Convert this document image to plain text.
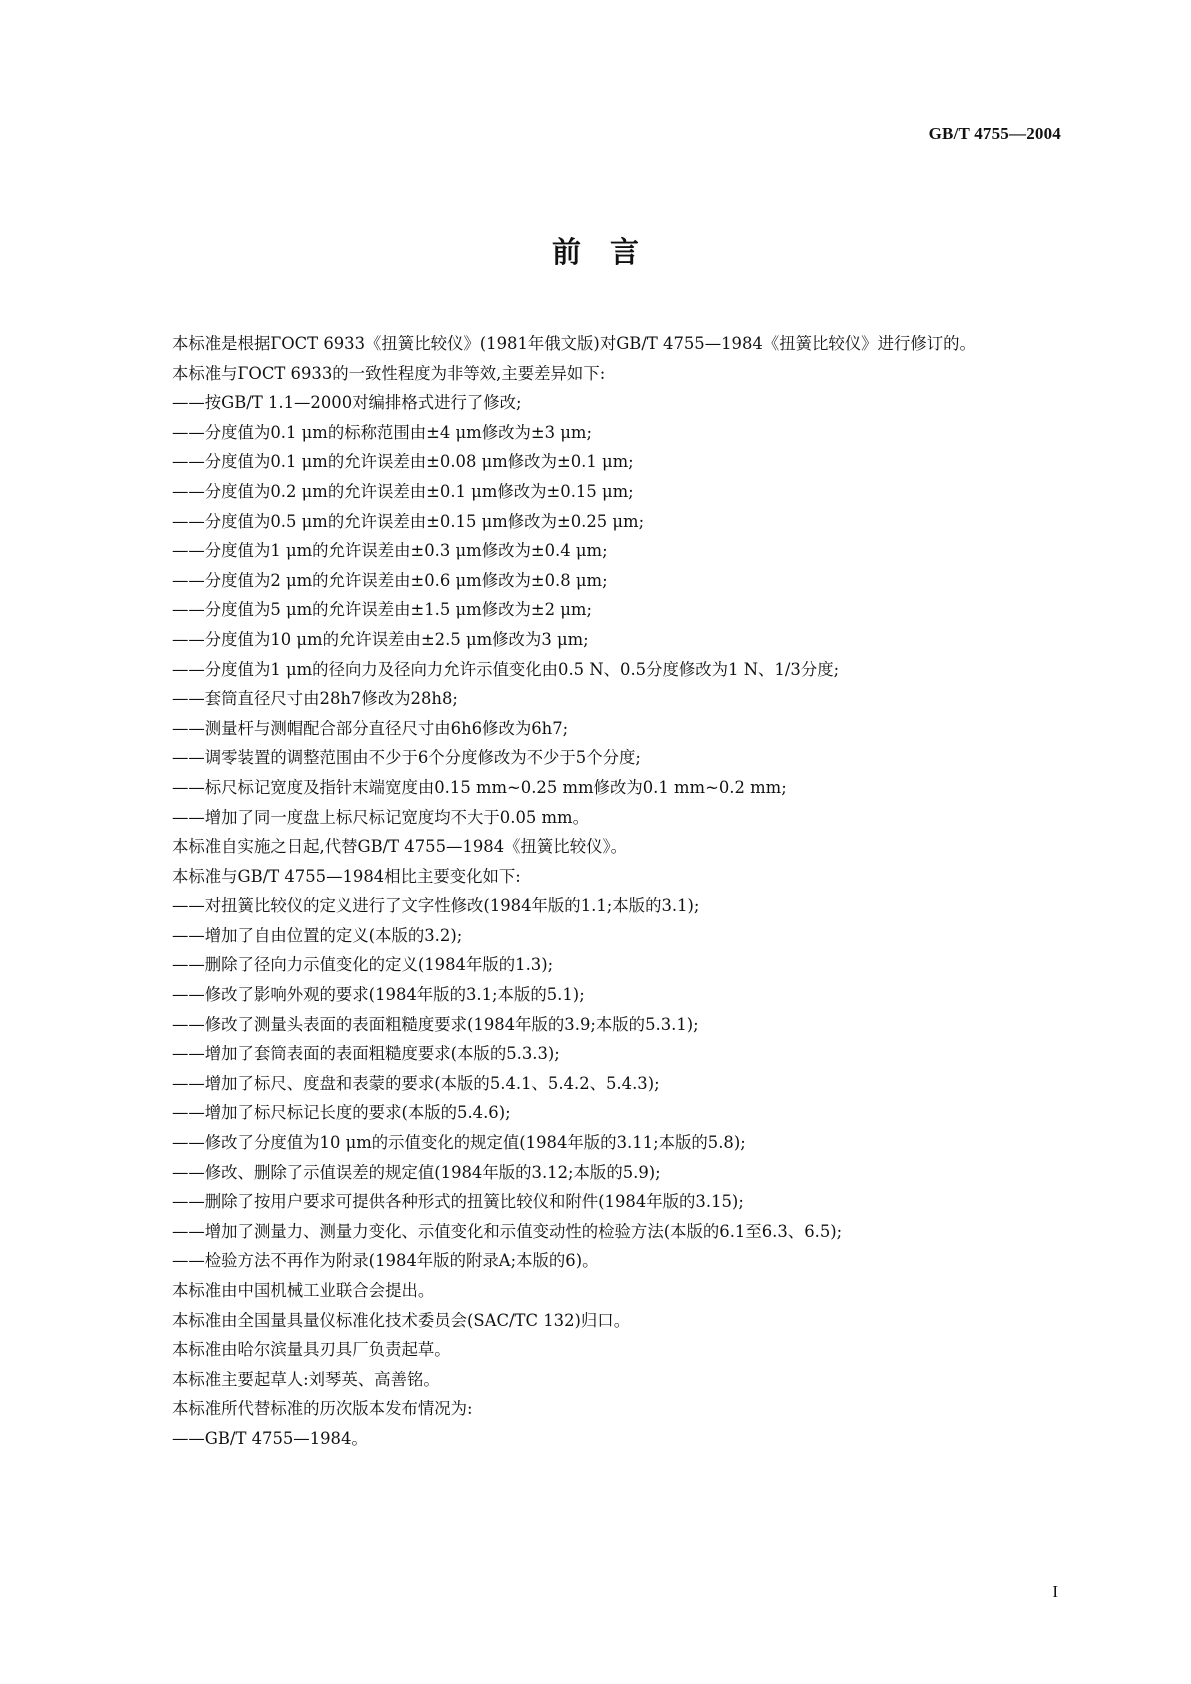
GB/T 4755—2004

前　言

本标准是根据ГОСТ 6933《扭簧比较仪》(1981年俄文版)对GB/T 4755—1984《扭簧比较仪》进行修订的。

本标准与ГОСТ 6933的一致性程度为非等效,主要差异如下:

——按GB/T 1.1—2000对编排格式进行了修改;

——分度值为0.1 μm的标称范围由±4 μm修改为±3 μm;

——分度值为0.1 μm的允许误差由±0.08 μm修改为±0.1 μm;

——分度值为0.2 μm的允许误差由±0.1 μm修改为±0.15 μm;

——分度值为0.5 μm的允许误差由±0.15 μm修改为±0.25 μm;

——分度值为1 μm的允许误差由±0.3 μm修改为±0.4 μm;

——分度值为2 μm的允许误差由±0.6 μm修改为±0.8 μm;

——分度值为5 μm的允许误差由±1.5 μm修改为±2 μm;

——分度值为10 μm的允许误差由±2.5 μm修改为3 μm;

——分度值为1 μm的径向力及径向力允许示值变化由0.5 N、0.5分度修改为1 N、1/3分度;

——套筒直径尺寸由28h7修改为28h8;

——测量杆与测帽配合部分直径尺寸由6h6修改为6h7;

——调零装置的调整范围由不少于6个分度修改为不少于5个分度;

——标尺标记宽度及指针末端宽度由0.15 mm~0.25 mm修改为0.1 mm~0.2 mm;

——增加了同一度盘上标尺标记宽度均不大于0.05 mm。

本标准自实施之日起,代替GB/T 4755—1984《扭簧比较仪》。

本标准与GB/T 4755—1984相比主要变化如下:

——对扭簧比较仪的定义进行了文字性修改(1984年版的1.1;本版的3.1);

——增加了自由位置的定义(本版的3.2);

——删除了径向力示值变化的定义(1984年版的1.3);

——修改了影响外观的要求(1984年版的3.1;本版的5.1);

——修改了测量头表面的表面粗糙度要求(1984年版的3.9;本版的5.3.1);

——增加了套筒表面的表面粗糙度要求(本版的5.3.3);

——增加了标尺、度盘和表蒙的要求(本版的5.4.1、5.4.2、5.4.3);

——增加了标尺标记长度的要求(本版的5.4.6);

——修改了分度值为10 μm的示值变化的规定值(1984年版的3.11;本版的5.8);

——修改、删除了示值误差的规定值(1984年版的3.12;本版的5.9);

——删除了按用户要求可提供各种形式的扭簧比较仪和附件(1984年版的3.15);

——增加了测量力、测量力变化、示值变化和示值变动性的检验方法(本版的6.1至6.3、6.5);

——检验方法不再作为附录(1984年版的附录A;本版的6)。

本标准由中国机械工业联合会提出。

本标准由全国量具量仪标准化技术委员会(SAC/TC 132)归口。

本标准由哈尔滨量具刃具厂负责起草。

本标准主要起草人:刘琴英、高善铭。

本标准所代替标准的历次版本发布情况为:

——GB/T 4755—1984。

I
